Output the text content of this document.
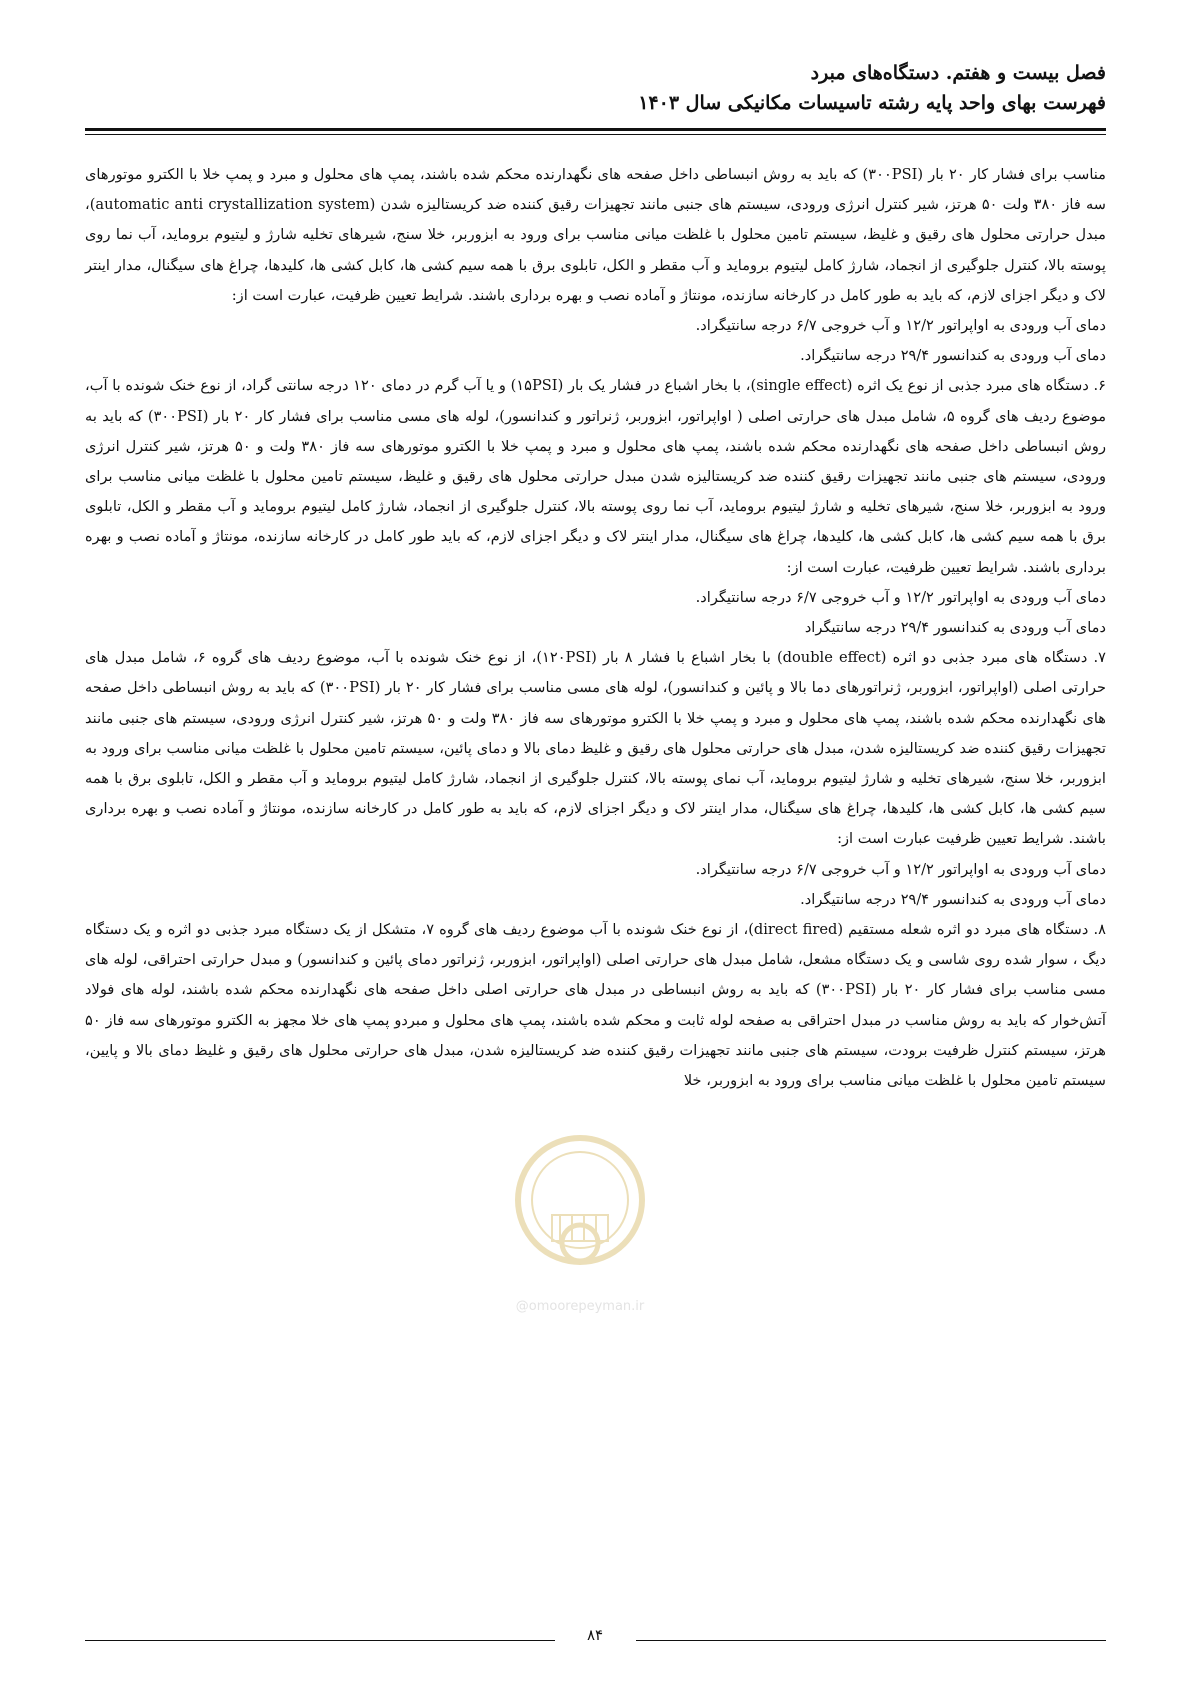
فصل بیست و هفتم. دستگاه‌های مبرد
فهرست بهای واحد پایه رشته تاسیسات مکانیکی سال ۱۴۰۳

مناسب برای فشار کار ۲۰ بار (۳۰۰PSI) که باید به روش انبساطی داخل صفحه های نگهدارنده محکم شده باشند، پمپ های محلول و مبرد و پمپ خلا با الکترو موتورهای سه فاز ۳۸۰ ولت ۵۰ هرتز، شیر کنترل انرژی ورودی، سیستم های جنبی مانند تجهیزات رقیق کننده ضد کریستالیزه شدن (automatic anti crystallization system)، مبدل حرارتی محلول های رقیق و غلیظ، سیستم تامین محلول با غلظت میانی مناسب برای ورود به ابزوربر، خلا سنج، شیرهای تخلیه شارژ و لیتیوم بروماید، آب نما روی پوسته بالا، کنترل جلوگیری از انجماد، شارژ کامل لیتیوم بروماید و آب مقطر و الکل، تابلوی برق با همه سیم کشی ها، کابل کشی ها، کلیدها، چراغ های سیگنال، مدار اینتر لاک و دیگر اجزای لازم، که باید به طور کامل در کارخانه سازنده، مونتاژ و آماده نصب و بهره برداری باشند. شرایط تعیین ظرفیت، عبارت است از:

دمای آب ورودی به اواپراتور ۱۲/۲ و آب خروجی ۶/۷ درجه سانتیگراد.

دمای آب ورودی به کندانسور ۲۹/۴ درجه سانتیگراد.

۶. دستگاه های مبرد جذبی از نوع یک اثره (single effect)، با بخار اشباع در فشار یک بار (۱۵PSI) و یا آب گرم در دمای ۱۲۰ درجه سانتی گراد، از نوع خنک شونده با آب، موضوع ردیف های گروه ۵، شامل مبدل های حرارتی اصلی ( اواپراتور، ابزوربر، ژنراتور و کندانسور)، لوله های مسی مناسب برای فشار کار ۲۰ بار (۳۰۰PSI) که باید به روش انبساطی داخل صفحه های نگهدارنده محکم شده باشند، پمپ های محلول و مبرد و پمپ خلا با الکترو موتورهای سه فاز ۳۸۰ ولت و ۵۰ هرتز، شیر کنترل انرژی ورودی، سیستم های جنبی مانند تجهیزات رقیق کننده ضد کریستالیزه شدن مبدل حرارتی محلول های رقیق و غلیظ، سیستم تامین محلول با غلظت میانی مناسب برای ورود به ابزوربر، خلا سنج، شیرهای تخلیه و شارژ لیتیوم بروماید، آب نما روی پوسته بالا، کنترل جلوگیری از انجماد، شارژ کامل لیتیوم بروماید و آب مقطر و الکل، تابلوی برق با همه سیم کشی ها، کابل کشی ها، کلیدها، چراغ های سیگنال، مدار اینتر لاک و دیگر اجزای لازم، که باید طور کامل در کارخانه سازنده، مونتاژ و آماده نصب و بهره برداری باشند. شرایط تعیین ظرفیت، عبارت است از:

دمای آب ورودی به اواپراتور ۱۲/۲ و آب خروجی ۶/۷ درجه سانتیگراد.

دمای آب ورودی به کندانسور ۲۹/۴ درجه سانتیگراد

۷. دستگاه های مبرد جذبی دو اثره (double effect) با بخار اشباع با فشار ۸ بار (۱۲۰PSI)، از نوع خنک شونده با آب، موضوع ردیف های گروه ۶، شامل مبدل های حرارتی اصلی (اواپراتور، ابزوربر، ژنراتورهای دما بالا و پائین و کندانسور)، لوله های مسی مناسب برای فشار کار ۲۰ بار (۳۰۰PSI) که باید به روش انبساطی داخل صفحه های نگهدارنده محکم شده باشند، پمپ های محلول و مبرد و پمپ خلا با الکترو موتورهای سه فاز ۳۸۰ ولت و ۵۰ هرتز، شیر کنترل انرژی ورودی، سیستم های جنبی مانند تجهیزات رقیق کننده ضد کریستالیزه شدن، مبدل های حرارتی محلول های رقیق و غلیظ دمای بالا و دمای پائین، سیستم تامین محلول با غلظت میانی مناسب برای ورود به ابزوربر، خلا سنج، شیرهای تخلیه و شارژ لیتیوم بروماید، آب نمای پوسته بالا، کنترل جلوگیری از انجماد، شارژ کامل لیتیوم بروماید و آب مقطر و الکل، تابلوی برق با همه سیم کشی ها، کابل کشی ها، کلیدها، چراغ های سیگنال، مدار اینتر لاک و دیگر اجزای لازم، که باید به طور کامل در کارخانه سازنده، مونتاژ و آماده نصب و بهره برداری باشند. شرایط تعیین ظرفیت عبارت است از:

دمای آب ورودی به اواپراتور ۱۲/۲ و آب خروجی ۶/۷ درجه سانتیگراد.

دمای آب ورودی به کندانسور ۲۹/۴ درجه سانتیگراد.

۸. دستگاه های مبرد دو اثره شعله مستقیم (direct fired)، از نوع خنک شونده با آب موضوع ردیف های گروه ۷، متشکل از یک دستگاه مبرد جذبی دو اثره و یک دستگاه دیگ ، سوار شده روی شاسی و یک دستگاه مشعل، شامل مبدل های حرارتی اصلی (اواپراتور، ابزوربر، ژنراتور دمای پائین و کندانسور) و مبدل حرارتی احتراقی، لوله های مسی مناسب برای فشار کار ۲۰ بار (۳۰۰PSI) که باید به روش انبساطی در مبدل های حرارتی اصلی داخل صفحه های نگهدارنده محکم شده باشند، لوله های فولاد آتش‌خوار که باید به روش مناسب در مبدل احتراقی به صفحه لوله ثابت و محکم شده باشند، پمپ های محلول و مبردو پمپ های خلا مجهز به الکترو موتورهای سه فاز ۵۰ هرتز، سیستم کنترل ظرفیت برودت، سیستم های جنبی مانند تجهیزات رقیق کننده ضد کریستالیزه شدن، مبدل های حرارتی محلول های رقیق و غلیظ دمای بالا و پایین، سیستم تامین محلول با غلظت میانی مناسب برای ورود به ابزوربر، خلا

@omoorepeyman.ir
۸۴
